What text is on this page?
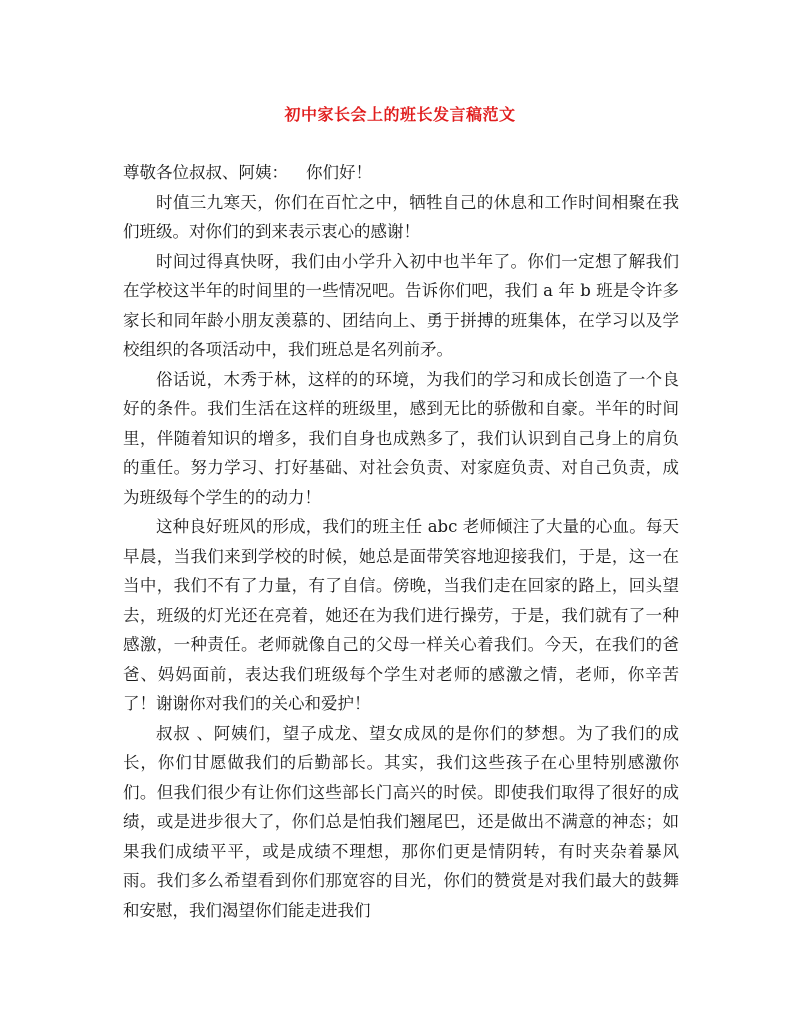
初中家长会上的班长发言稿范文

尊敬各位叔叔、阿姨： 你们好！

时值三九寒天，你们在百忙之中，牺牲自己的休息和工作时间相聚在我们班级。对你们的到来表示衷心的感谢！

时间过得真快呀，我们由小学升入初中也半年了。你们一定想了解我们在学校这半年的时间里的一些情况吧。告诉你们吧，我们 a 年 b 班是令许多家长和同年龄小朋友羡慕的、团结向上、勇于拼搏的班集体，在学习以及学校组织的各项活动中，我们班总是名列前矛。

俗话说，木秀于林，这样的的环境，为我们的学习和成长创造了一个良好的条件。我们生活在这样的班级里，感到无比的骄傲和自豪。半年的时间里，伴随着知识的增多，我们自身也成熟多了，我们认识到自己身上的肩负的重任。努力学习、打好基础、对社会负责、对家庭负责、对自己负责，成为班级每个学生的的动力！

这种良好班风的形成，我们的班主任 abc 老师倾注了大量的心血。每天早晨，当我们来到学校的时候，她总是面带笑容地迎接我们，于是，这一在当中，我们不有了力量，有了自信。傍晚，当我们走在回家的路上，回头望去，班级的灯光还在亮着，她还在为我们进行操劳，于是，我们就有了一种感激，一种责任。老师就像自己的父母一样关心着我们。今天，在我们的爸爸、妈妈面前，表达我们班级每个学生对老师的感激之情，老师，你辛苦了！谢谢你对我们的关心和爱护！

叔叔 、阿姨们，望子成龙、望女成凤的是你们的梦想。为了我们的成长，你们甘愿做我们的后勤部长。其实，我们这些孩子在心里特别感激你们。但我们很少有让你们这些部长门高兴的时侯。即使我们取得了很好的成绩，或是进步很大了，你们总是怕我们翘尾巴，还是做出不满意的神态；如果我们成绩平平，或是成绩不理想，那你们更是情阴转，有时夹杂着暴风雨。我们多么希望看到你们那宽容的目光，你们的赞赏是对我们最大的鼓舞和安慰，我们渴望你们能走进我们
